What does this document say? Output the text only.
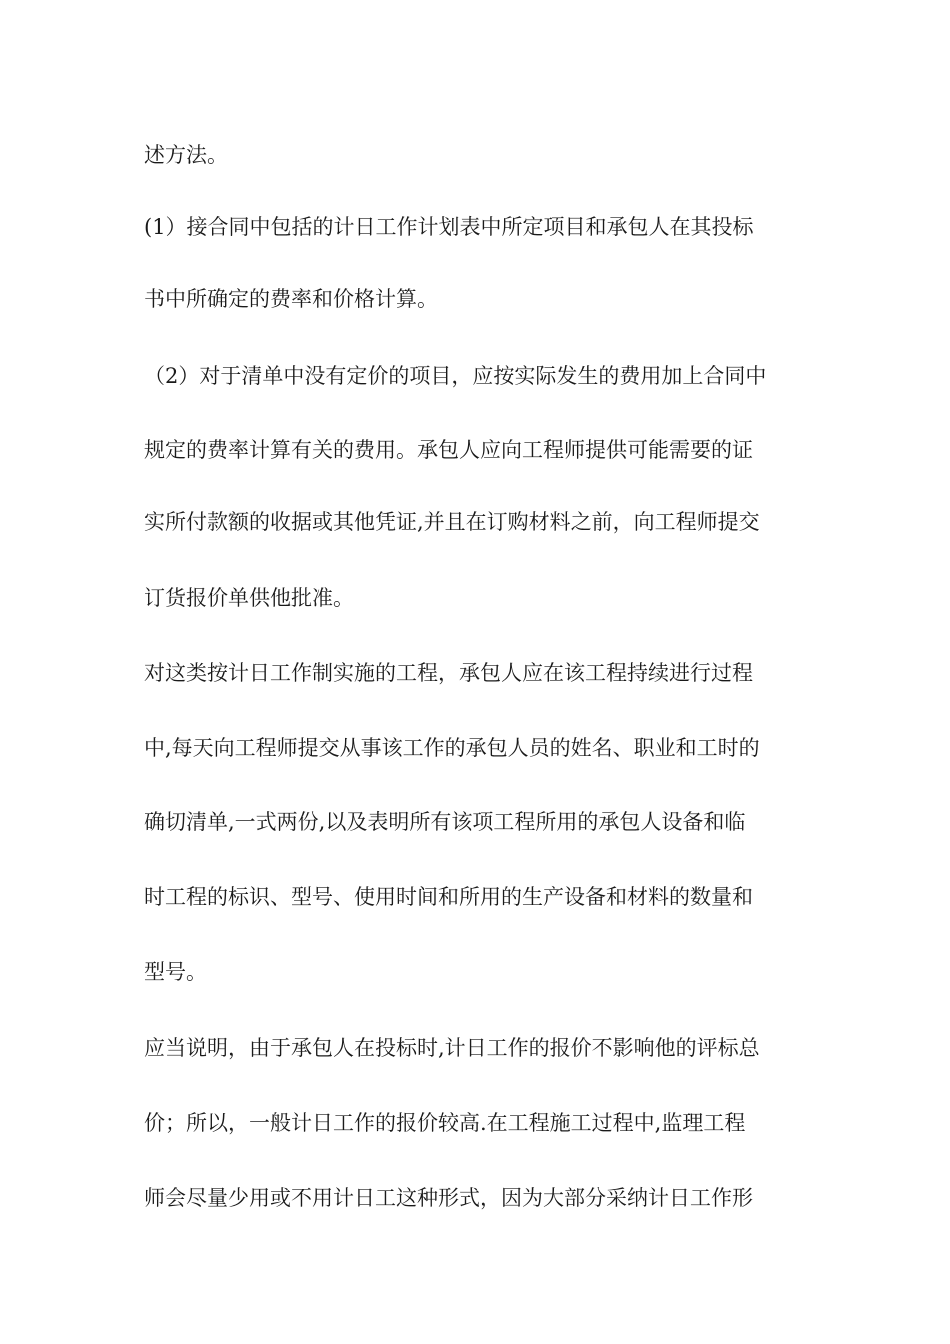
述方法。
(1）接合同中包括的计日工作计划表中所定项目和承包人在其投标
书中所确定的费率和价格计算。
（2）对于清单中没有定价的项目，应按实际发生的费用加上合同中
规定的费率计算有关的费用。承包人应向工程师提供可能需要的证
实所付款额的收据或其他凭证,并且在订购材料之前，向工程师提交
订货报价单供他批准。
对这类按计日工作制实施的工程，承包人应在该工程持续进行过程
中,每天向工程师提交从事该工作的承包人员的姓名、职业和工时的
确切清单,一式两份,以及表明所有该项工程所用的承包人设备和临
时工程的标识、型号、使用时间和所用的生产设备和材料的数量和
型号。
应当说明，由于承包人在投标时,计日工作的报价不影响他的评标总
价；所以，一般计日工作的报价较高.在工程施工过程中,监理工程
师会尽量少用或不用计日工这种形式，因为大部分采纳计日工作形
